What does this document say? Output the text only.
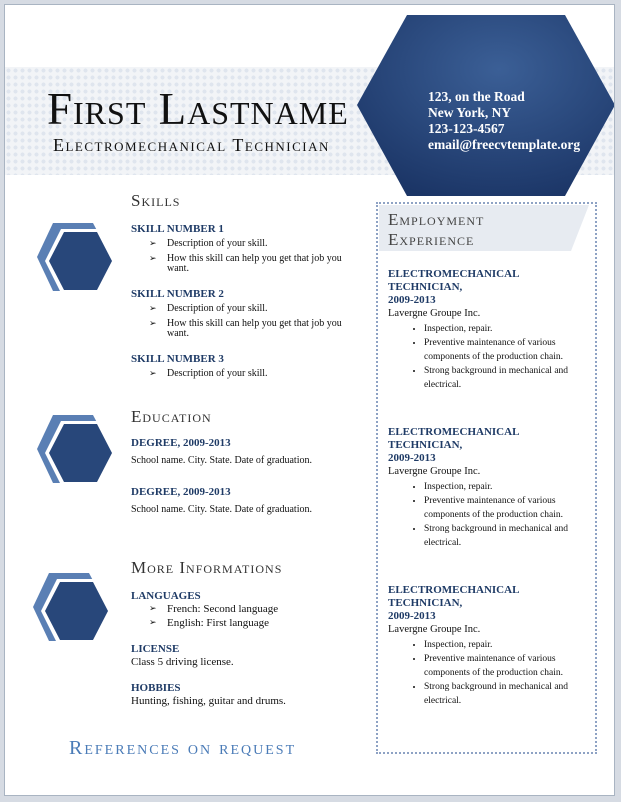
First Lastname
Electromechanical Technician
123, on the Road
New York, NY
123-123-4567
email@freecvtemplate.org
Skills

SKILL NUMBER 1

➢ Description of your skill.
➢ How this skill can help you get that job you want.

SKILL NUMBER 2

➢ Description of your skill.
➢ How this skill can help you get that job you want.

SKILL NUMBER 3

➢ Description of your skill.
Education

DEGREE, 2009-2013

School name. City. State. Date of graduation.

DEGREE, 2009-2013

School name. City. State. Date of graduation.

More Informations

LANGUAGES

➢ French: Second language
➢ English: First language

LICENSE

Class 5 driving license.

HOBBIES

Hunting, fishing, guitar and drums.

References on request
Employment
Experience
ELECTROMECHANICAL
TECHNICIAN,
2009-2013
Lavergne Groupe Inc.
• Inspection, repair.
• Preventive maintenance of various components of the production chain.
• Strong background in mechanical and electrical.
ELECTROMECHANICAL
TECHNICIAN,
2009-2013
Lavergne Groupe Inc.
• Inspection, repair.
• Preventive maintenance of various components of the production chain.
• Strong background in mechanical and electrical.
ELECTROMECHANICAL
TECHNICIAN,
2009-2013
Lavergne Groupe Inc.
• Inspection, repair.
• Preventive maintenance of various components of the production chain.
• Strong background in mechanical and electrical.
